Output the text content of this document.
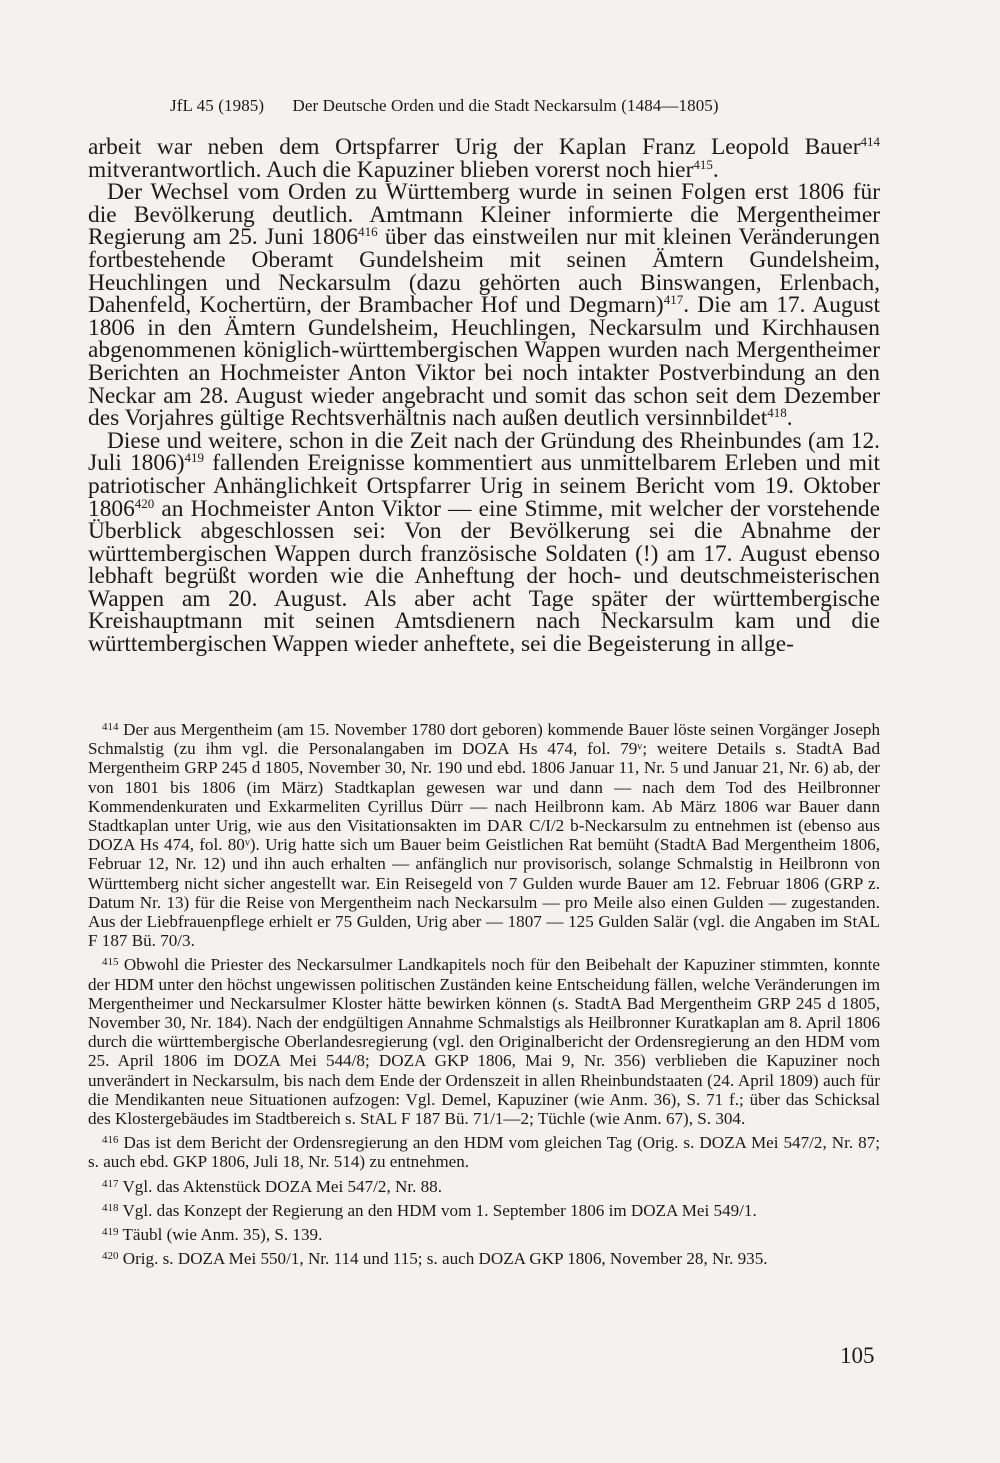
JfL 45 (1985) Der Deutsche Orden und die Stadt Neckarsulm (1484—1805)

arbeit war neben dem Ortspfarrer Urig der Kaplan Franz Leopold Bauer$^{414}$ mitverantwortlich. Auch die Kapuziner blieben vorerst noch hier$^{415}$.

Der Wechsel vom Orden zu Württemberg wurde in seinen Folgen erst 1806 für die Bevölkerung deutlich. Amtmann Kleiner informierte die Mergentheimer Regierung am 25. Juni 1806$^{416}$ über das einstweilen nur mit kleinen Veränderungen fortbestehende Oberamt Gundelsheim mit seinen Ämtern Gundelsheim, Heuchlingen und Neckarsulm (dazu gehörten auch Binswangen, Erlenbach, Dahenfeld, Kochertürn, der Brambacher Hof und Degmarn)$^{417}$. Die am 17. August 1806 in den Ämtern Gundelsheim, Heuchlingen, Neckarsulm und Kirchhausen abgenommenen königlich-württembergischen Wappen wurden nach Mergentheimer Berichten an Hochmeister Anton Viktor bei noch intakter Postverbindung an den Neckar am 28. August wieder angebracht und somit das schon seit dem Dezember des Vorjahres gültige Rechtsverhältnis nach außen deutlich versinnbildet$^{418}$.

Diese und weitere, schon in die Zeit nach der Gründung des Rheinbundes (am 12. Juli 1806)$^{419}$ fallenden Ereignisse kommentiert aus unmittelbarem Erleben und mit patriotischer Anhänglichkeit Ortspfarrer Urig in seinem Bericht vom 19. Oktober 1806$^{420}$ an Hochmeister Anton Viktor — eine Stimme, mit welcher der vorstehende Überblick abgeschlossen sei: Von der Bevölkerung sei die Abnahme der württembergischen Wappen durch französische Soldaten (!) am 17. August ebenso lebhaft begrüßt worden wie die Anheftung der hoch- und deutschmeisterischen Wappen am 20. August. Als aber acht Tage später der württembergische Kreishauptmann mit seinen Amtsdienern nach Neckarsulm kam und die württembergischen Wappen wieder anheftete, sei die Begeisterung in allge-

$^{414}$ Der aus Mergentheim (am 15. November 1780 dort geboren) kommende Bauer löste seinen Vorgänger Joseph Schmalstig (zu ihm vgl. die Personalangaben im DOZA Hs 474, fol. 79ᵛ; weitere Details s. StadtA Bad Mergentheim GRP 245 d 1805, November 30, Nr. 190 und ebd. 1806 Januar 11, Nr. 5 und Januar 21, Nr. 6) ab, der von 1801 bis 1806 (im März) Stadtkaplan gewesen war und dann — nach dem Tod des Heilbronner Kommendenkuraten und Exkarmeliten Cyrillus Dürr — nach Heilbronn kam. Ab März 1806 war Bauer dann Stadtkaplan unter Urig, wie aus den Visitationsakten im DAR C/I/2 b-Neckarsulm zu entnehmen ist (ebenso aus DOZA Hs 474, fol. 80ᵛ). Urig hatte sich um Bauer beim Geistlichen Rat bemüht (StadtA Bad Mergentheim 1806, Februar 12, Nr. 12) und ihn auch erhalten — anfänglich nur provisorisch, solange Schmalstig in Heilbronn von Württemberg nicht sicher angestellt war. Ein Reisegeld von 7 Gulden wurde Bauer am 12. Februar 1806 (GRP z. Datum Nr. 13) für die Reise von Mergentheim nach Neckarsulm — pro Meile also einen Gulden — zugestanden. Aus der Liebfrauenpflege erhielt er 75 Gulden, Urig aber — 1807 — 125 Gulden Salär (vgl. die Angaben im StAL F 187 Bü. 70/3.

$^{415}$ Obwohl die Priester des Neckarsulmer Landkapitels noch für den Beibehalt der Kapuziner stimmten, konnte der HDM unter den höchst ungewissen politischen Zuständen keine Entscheidung fällen, welche Veränderungen im Mergentheimer und Neckarsulmer Kloster hätte bewirken können (s. StadtA Bad Mergentheim GRP 245 d 1805, November 30, Nr. 184). Nach der endgültigen Annahme Schmalstigs als Heilbronner Kuratkaplan am 8. April 1806 durch die württembergische Oberlandesregierung (vgl. den Originalbericht der Ordensregierung an den HDM vom 25. April 1806 im DOZA Mei 544/8; DOZA GKP 1806, Mai 9, Nr. 356) verblieben die Kapuziner noch unverändert in Neckarsulm, bis nach dem Ende der Ordenszeit in allen Rheinbundstaaten (24. April 1809) auch für die Mendikanten neue Situationen aufzogen: Vgl. Demel, Kapuziner (wie Anm. 36), S. 71 f.; über das Schicksal des Klostergebäudes im Stadtbereich s. StAL F 187 Bü. 71/1—2; Tüchle (wie Anm. 67), S. 304.

$^{416}$ Das ist dem Bericht der Ordensregierung an den HDM vom gleichen Tag (Orig. s. DOZA Mei 547/2, Nr. 87; s. auch ebd. GKP 1806, Juli 18, Nr. 514) zu entnehmen.

$^{417}$ Vgl. das Aktenstück DOZA Mei 547/2, Nr. 88.

$^{418}$ Vgl. das Konzept der Regierung an den HDM vom 1. September 1806 im DOZA Mei 549/1.

$^{419}$ Täubl (wie Anm. 35), S. 139.

$^{420}$ Orig. s. DOZA Mei 550/1, Nr. 114 und 115; s. auch DOZA GKP 1806, November 28, Nr. 935.

105
